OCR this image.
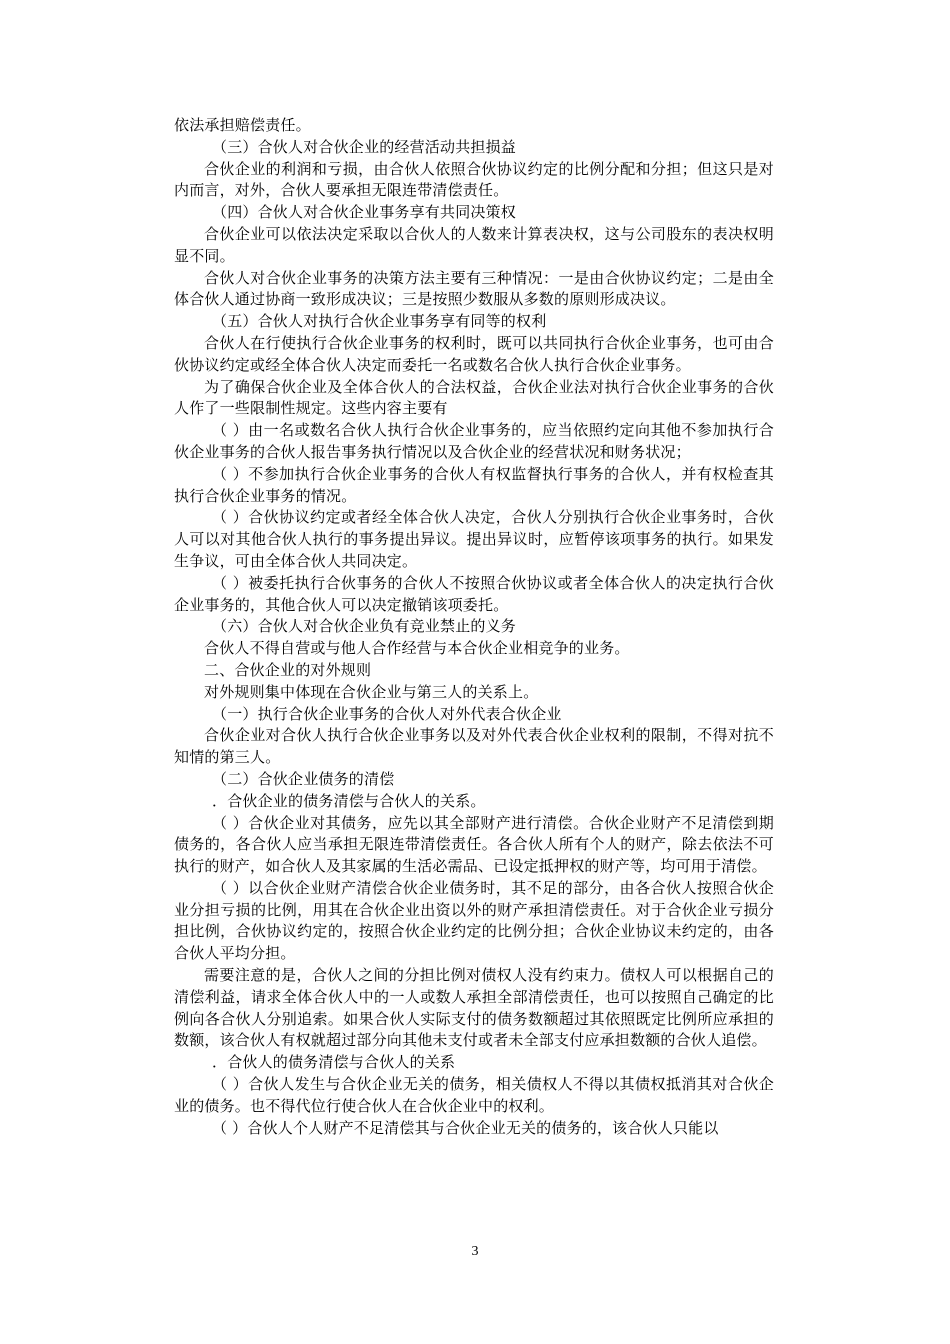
依法承担赔偿责任。

（三）合伙人对合伙企业的经营活动共担损益

合伙企业的利润和亏损，由合伙人依照合伙协议约定的比例分配和分担；但这只是对内而言，对外，合伙人要承担无限连带清偿责任。

（四）合伙人对合伙企业事务享有共同决策权

合伙企业可以依法决定采取以合伙人的人数来计算表决权，这与公司股东的表决权明显不同。

合伙人对合伙企业事务的决策方法主要有三种情况：一是由合伙协议约定；二是由全体合伙人通过协商一致形成决议；三是按照少数服从多数的原则形成决议。

（五）合伙人对执行合伙企业事务享有同等的权利

合伙人在行使执行合伙企业事务的权利时，既可以共同执行合伙企业事务，也可由合伙协议约定或经全体合伙人决定而委托一名或数名合伙人执行合伙企业事务。

为了确保合伙企业及全体合伙人的合法权益，合伙企业法对执行合伙企业事务的合伙人作了一些限制性规定。这些内容主要有

（ ）由一名或数名合伙人执行合伙企业事务的，应当依照约定向其他不参加执行合伙企业事务的合伙人报告事务执行情况以及合伙企业的经营状况和财务状况；

（ ）不参加执行合伙企业事务的合伙人有权监督执行事务的合伙人，并有权检查其执行合伙企业事务的情况。

（ ）合伙协议约定或者经全体合伙人决定，合伙人分别执行合伙企业事务时，合伙人可以对其他合伙人执行的事务提出异议。提出异议时，应暂停该项事务的执行。如果发生争议，可由全体合伙人共同决定。

（ ）被委托执行合伙事务的合伙人不按照合伙协议或者全体合伙人的决定执行合伙企业事务的，其他合伙人可以决定撤销该项委托。

（六）合伙人对合伙企业负有竞业禁止的义务

合伙人不得自营或与他人合作经营与本合伙企业相竞争的业务。

二、合伙企业的对外规则

对外规则集中体现在合伙企业与第三人的关系上。

（一）执行合伙企业事务的合伙人对外代表合伙企业

合伙企业对合伙人执行合伙企业事务以及对外代表合伙企业权利的限制，不得对抗不知情的第三人。

（二）合伙企业债务的清偿

．合伙企业的债务清偿与合伙人的关系。

（ ）合伙企业对其债务，应先以其全部财产进行清偿。合伙企业财产不足清偿到期债务的，各合伙人应当承担无限连带清偿责任。各合伙人所有个人的财产，除去依法不可执行的财产，如合伙人及其家属的生活必需品、已设定抵押权的财产等，均可用于清偿。

（ ）以合伙企业财产清偿合伙企业债务时，其不足的部分，由各合伙人按照合伙企业分担亏损的比例，用其在合伙企业出资以外的财产承担清偿责任。对于合伙企业亏损分担比例，合伙协议约定的，按照合伙企业约定的比例分担；合伙企业协议未约定的，由各合伙人平均分担。

需要注意的是，合伙人之间的分担比例对债权人没有约束力。债权人可以根据自己的清偿利益，请求全体合伙人中的一人或数人承担全部清偿责任，也可以按照自己确定的比例向各合伙人分别追索。如果合伙人实际支付的债务数额超过其依照既定比例所应承担的数额，该合伙人有权就超过部分向其他未支付或者未全部支付应承担数额的合伙人追偿。

．合伙人的债务清偿与合伙人的关系

（ ）合伙人发生与合伙企业无关的债务，相关债权人不得以其债权抵消其对合伙企业的债务。也不得代位行使合伙人在合伙企业中的权利。

（ ）合伙人个人财产不足清偿其与合伙企业无关的债务的，该合伙人只能以

3
